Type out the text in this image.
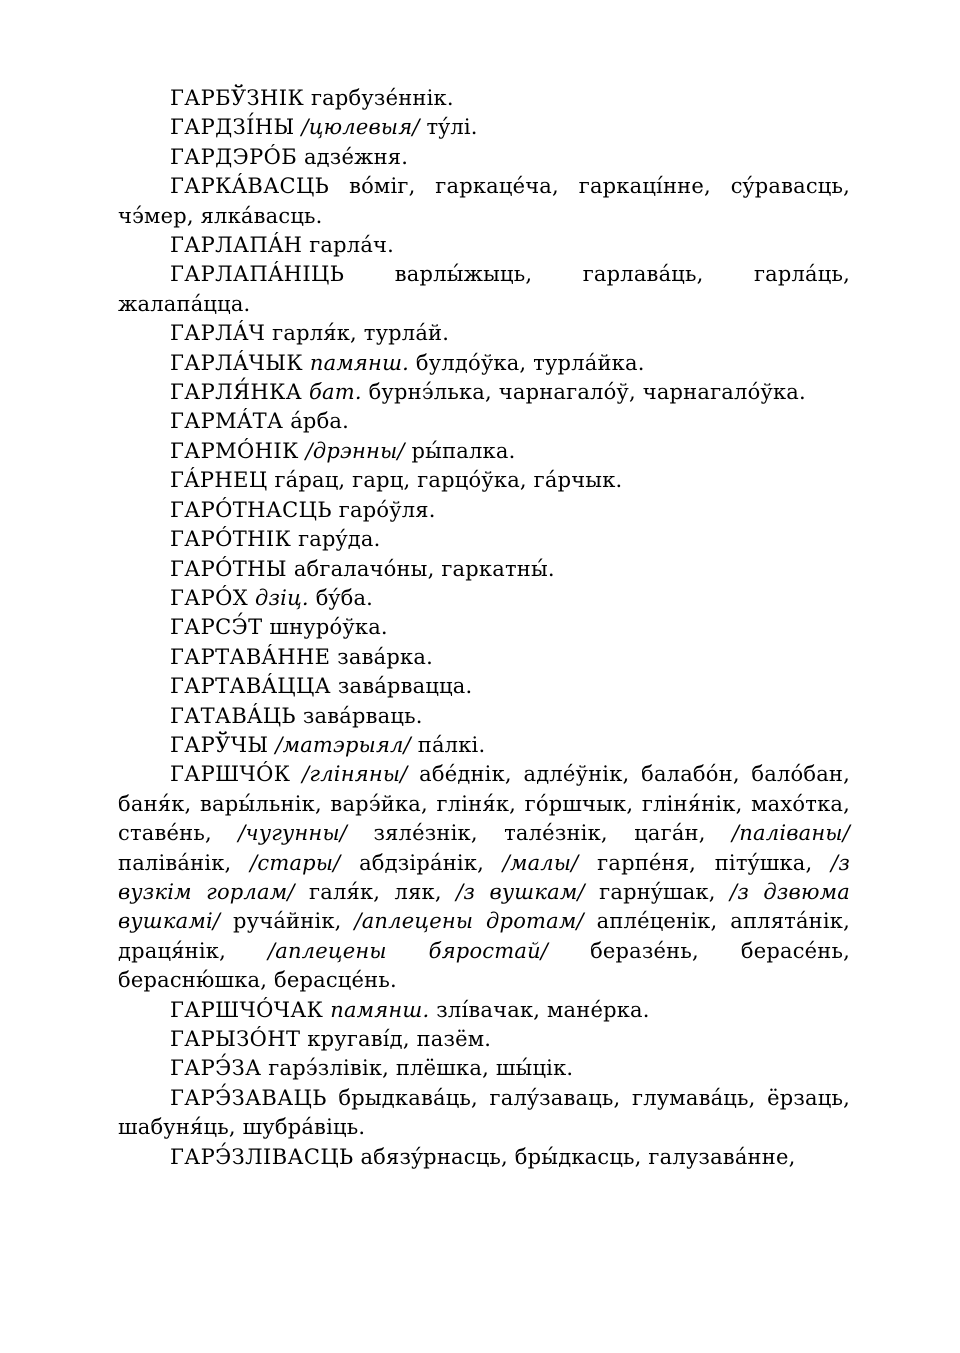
ГАРБЎЗНІК гарбузéннік.

ГАРДЗІ́НЫ /цюлевыя/ тýлі.

ГАРДЭРÓБ адзéжня.

ГАРКÁВАСЦЬ вóміг, гаркацéча, гаркацíнне, сýравасць, чэ́мер, ялкáвасць.

ГАРЛАПÁН гарлáч.

ГАРЛАПÁНІЦЬ варлы́жыць, гарлавáць, гарлáць, жалапáцца.

ГАРЛÁЧ гарля́к, турлáй.

ГАРЛÁЧЫК памянш. булдóўка, турлáйка.

ГАРЛЯ́НКА бат. бурнэ́лька, чарнагалóў, чарнагалóўка.

ГАРМÁТА áрба.

ГАРМÓНІК /дрэнны/ ры́палка.

ГÁРНЕЦ гáрац, гарц, гарцóўка, гáрчык.

ГАРÓТНАСЦЬ гарóўля.

ГАРÓТНІК гарýда.

ГАРÓТНЫ абгалачóны, гаркатны́.

ГАРÓХ дзіц. бýба.

ГАРСЭ́Т шнурóўка.

ГАРТАВÁННЕ завáрка.

ГАРТАВÁЦЦА завáрвацца.

ГАТАВÁЦЬ завáрваць.

ГАРЎЧЫ /матэрыял/ пáлкі.

ГАРШЧÓК /гліняны/ абéднік, адлéўнік, балабóн, балóбан, баня́к, вары́льнік, варэ́йка, гліня́к, гóршчык, гліня́нік, махóтка, ставéнь, /чугунны/ зялéзнік, талéзнік, цагáн, /паліваны/ палівáнік, /стары/ абдзірáнік, /малы/ гарпéня, пітýшка, /з вузкім горлам/ галя́к, ляк, /з вушкам/ гарнýшак, /з дзвюма вушкамі/ ручáйнік, /аплецены дротам/ аплéценік, аплятáнік, драця́нік, /аплецены бяростай/ беразéнь, берасéнь, берасню́шка, берасцéнь.

ГАРШЧÓЧАК памянш. злíвачак, манéрка.

ГАРЫЗÓНТ кругавíд, пазём.

ГАРЭ́ЗА гарэ́злівік, плёшка, шы́цік.

ГАРЭ́ЗАВАЦЬ брыдкавáць, галýзаваць, глумавáць, ёрзаць, шабуня́ць, шубрáвіць.

ГАРЭ́ЗЛІВАСЦЬ абязýрнасць, бры́дкасць, галузавáнне,
